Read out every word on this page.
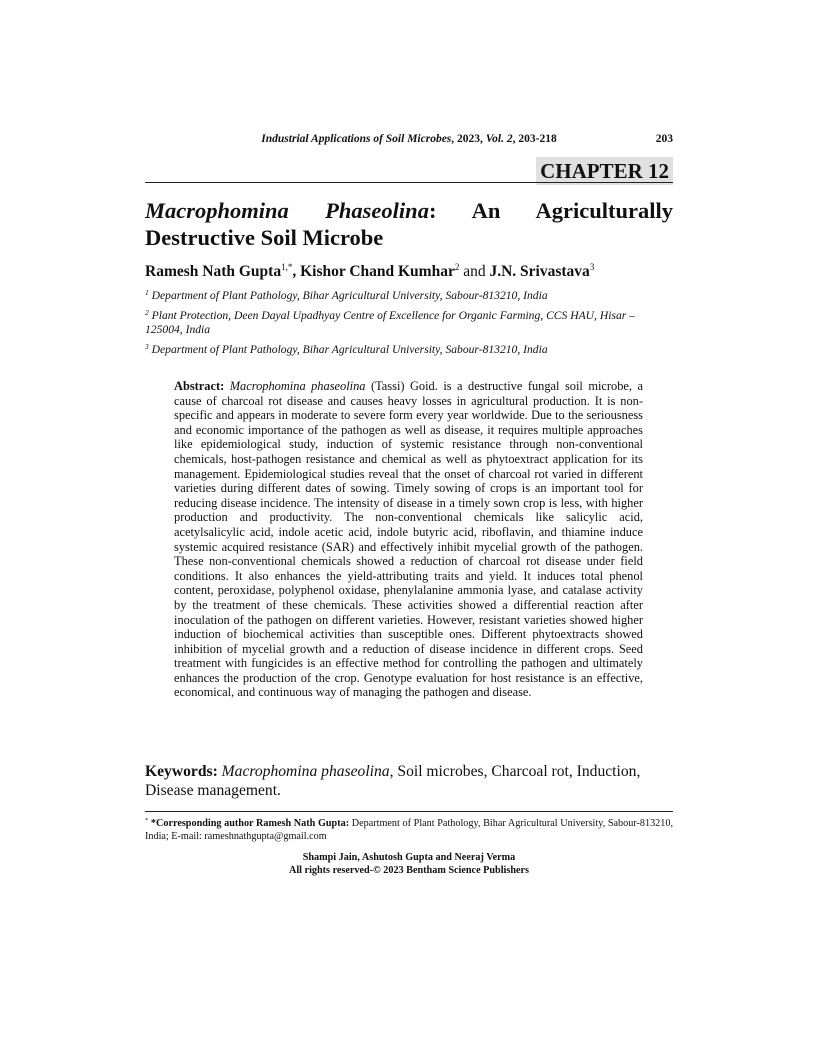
Industrial Applications of Soil Microbes, 2023, Vol. 2, 203-218	203
CHAPTER 12
Macrophomina Phaseolina: An Agriculturally
Destructive Soil Microbe
Ramesh Nath Gupta$^{1,*}$, Kishor Chand Kumhar$^2$ and J.N. Srivastava$^3$
$^1$ Department of Plant Pathology, Bihar Agricultural University, Sabour-813210, India
$^2$ Plant Protection, Deen Dayal Upadhyay Centre of Excellence for Organic Farming, CCS HAU, Hisar – 125004, India
$^3$ Department of Plant Pathology, Bihar Agricultural University, Sabour-813210, India

Abstract: Macrophomina phaseolina (Tassi) Goid. is a destructive fungal soil microbe, a cause of charcoal rot disease and causes heavy losses in agricultural production. It is non-specific and appears in moderate to severe form every year worldwide. Due to the seriousness and economic importance of the pathogen as well as disease, it requires multiple approaches like epidemiological study, induction of systemic resistance through non-conventional chemicals, host-pathogen resistance and chemical as well as phytoextract application for its management. Epidemiological studies reveal that the onset of charcoal rot varied in different varieties during different dates of sowing. Timely sowing of crops is an important tool for reducing disease incidence. The intensity of disease in a timely sown crop is less, with higher production and productivity. The non-conventional chemicals like salicylic acid, acetylsalicylic acid, indole acetic acid, indole butyric acid, riboflavin, and thiamine induce systemic acquired resistance (SAR) and effectively inhibit mycelial growth of the pathogen. These non-conventional chemicals showed a reduction of charcoal rot disease under field conditions. It also enhances the yield-attributing traits and yield. It induces total phenol content, peroxidase, polyphenol oxidase, phenylalanine ammonia lyase, and catalase activity by the treatment of these chemicals. These activities showed a differential reaction after inoculation of the pathogen on different varieties. However, resistant varieties showed higher induction of biochemical activities than susceptible ones. Different phytoextracts showed inhibition of mycelial growth and a reduction of disease incidence in different crops. Seed treatment with fungicides is an effective method for controlling the pathogen and ultimately enhances the production of the crop. Genotype evaluation for host resistance is an effective, economical, and continuous way of managing the pathogen and disease.

Keywords: Macrophomina phaseolina, Soil microbes, Charcoal rot, Induction, Disease management.
* *Corresponding author Ramesh Nath Gupta: Department of Plant Pathology, Bihar Agricultural University, Sabour-813210, India; E-mail: rameshnathgupta@gmail.com
Shampi Jain, Ashutosh Gupta and Neeraj Verma
All rights reserved-© 2023 Bentham Science Publishers
